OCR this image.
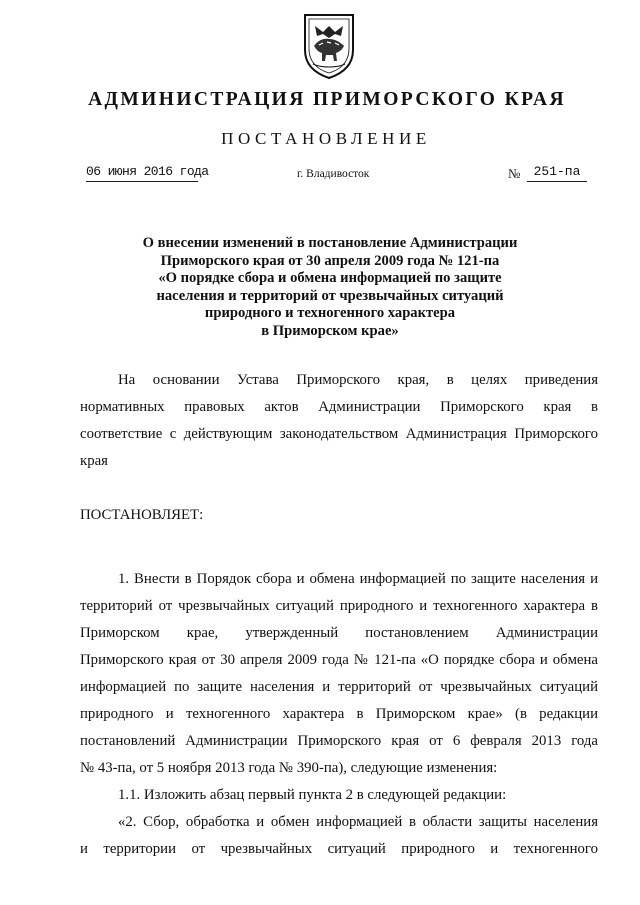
АДМИНИСТРАЦИЯ ПРИМОРСКОГО КРАЯ
ПОСТАНОВЛЕНИЕ
06 июня 2016 года	г. Владивосток	№	251-па
О внесении изменений в постановление Администрации
Приморского края от 30 апреля 2009 года № 121-па
«О порядке сбора и обмена информацией по защите
населения и территорий от чрезвычайных ситуаций
природного и техногенного характера
в Приморском крае»
На основании Устава Приморского края, в целях приведения
нормативных правовых актов Администрации Приморского края в
соответствие с действующим законодательством Администрация Приморского
края
ПОСТАНОВЛЯЕТ:
1. Внести в Порядок сбора и обмена информацией по защите населения и
территорий от чрезвычайных ситуаций природного и техногенного характера в
Приморском крае, утвержденный постановлением Администрации
Приморского края от 30 апреля 2009 года № 121-па «О порядке сбора и обмена
информацией по защите населения и территорий от чрезвычайных ситуаций
природного и техногенного характера в Приморском крае» (в редакции
постановлений Администрации Приморского края от 6 февраля 2013 года
№ 43-па, от 5 ноября 2013 года № 390-па), следующие изменения:
1.1. Изложить абзац первый пункта 2 в следующей редакции:
«2. Сбор, обработка и обмен информацией в области защиты населения
и территории от чрезвычайных ситуаций природного и техногенного
